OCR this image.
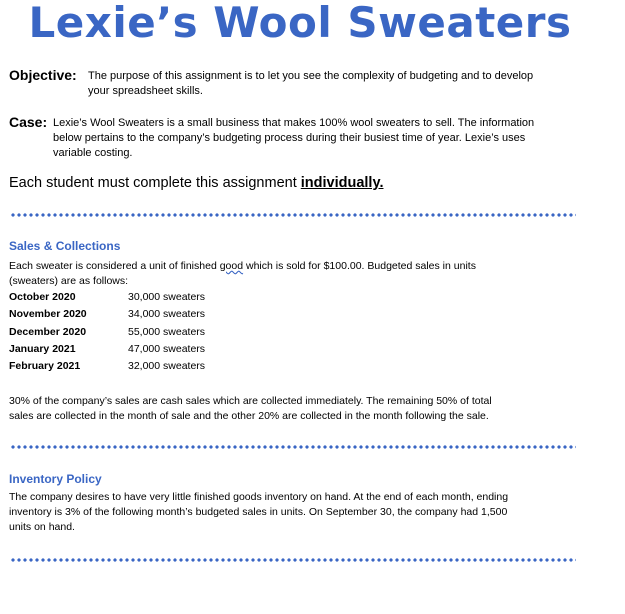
Lexie’s Wool Sweaters
Objective: The purpose of this assignment is to let you see the complexity of budgeting and to develop
your spreadsheet skills.
Case: Lexie’s Wool Sweaters is a small business that makes 100% wool sweaters to sell. The information
below pertains to the company’s budgeting process during their busiest time of year. Lexie’s uses
variable costing.
Each student must complete this assignment individually.
Sales & Collections
Each sweater is considered a unit of finished good which is sold for $100.00. Budgeted sales in units
(sweaters) are as follows:
October 2020	30,000 sweaters
November 2020	34,000 sweaters
December 2020	55,000 sweaters
January 2021	47,000 sweaters
February 2021	32,000 sweaters
30% of the company’s sales are cash sales which are collected immediately. The remaining 50% of total
sales are collected in the month of sale and the other 20% are collected in the month following the sale.
Inventory Policy
The company desires to have very little finished goods inventory on hand. At the end of each month, ending
inventory is 3% of the following month’s budgeted sales in units. On September 30, the company had 1,500
units on hand.
